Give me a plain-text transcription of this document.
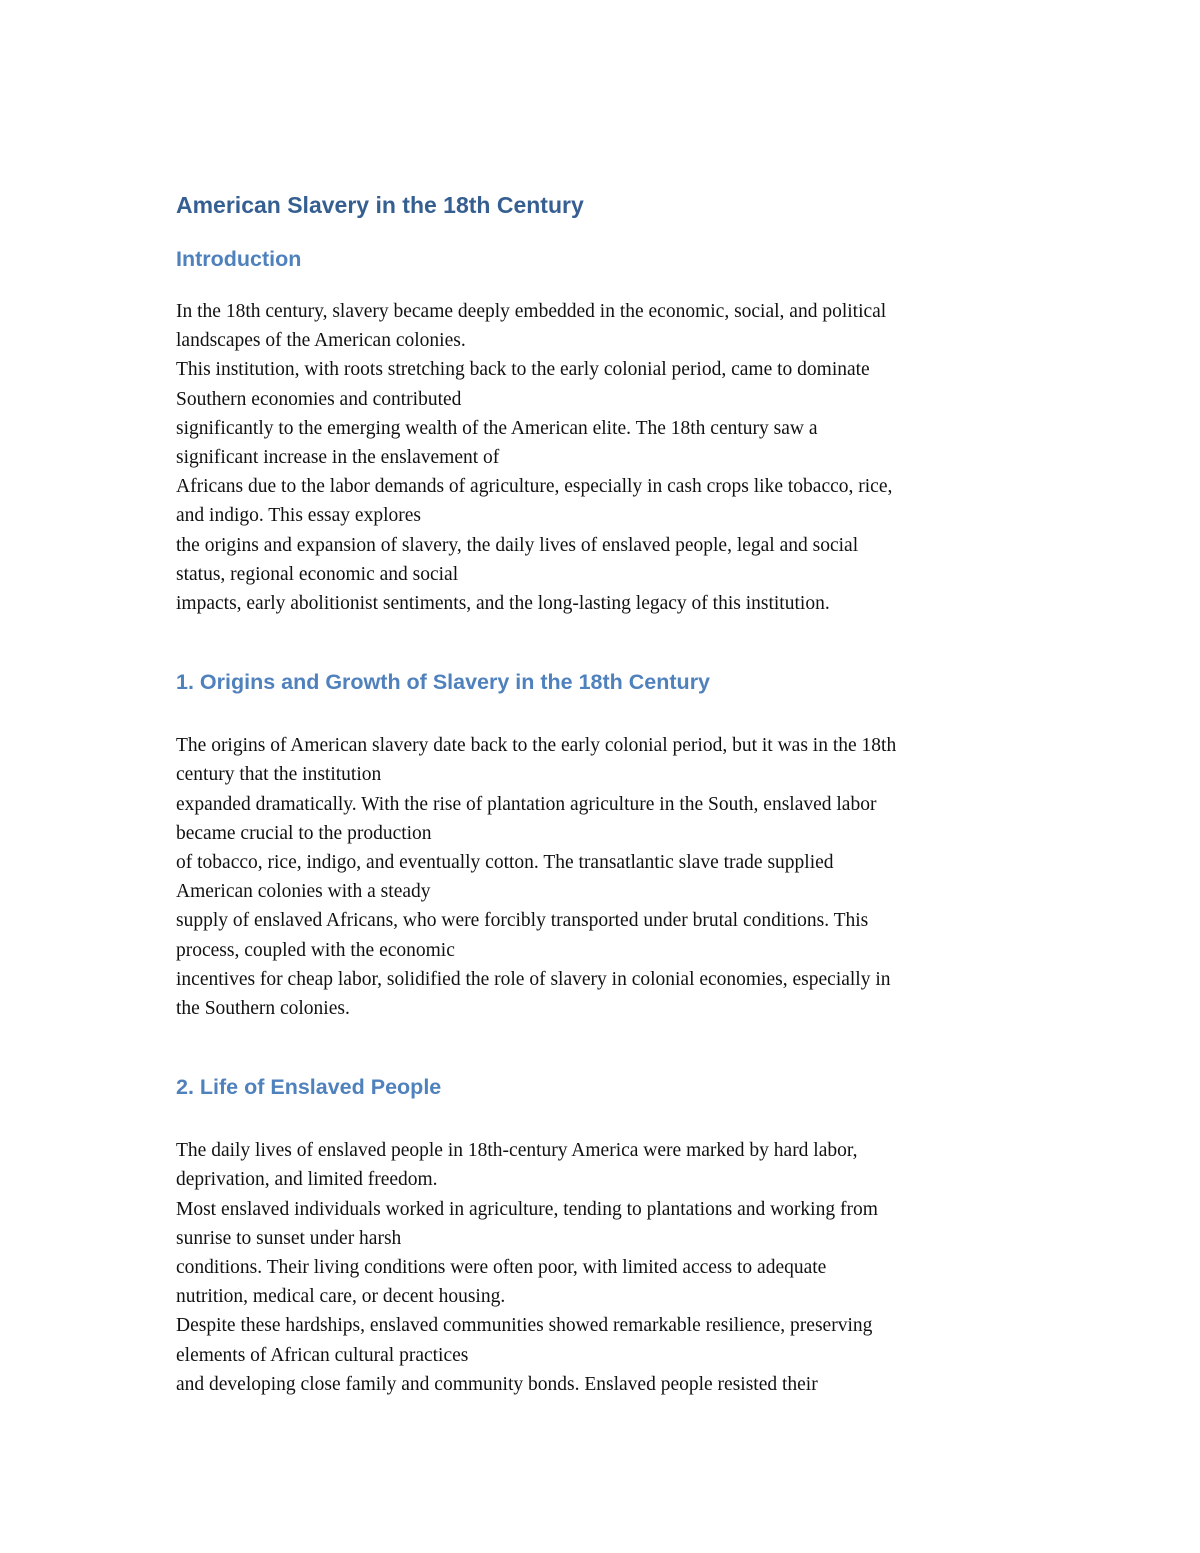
American Slavery in the 18th Century
Introduction

In the 18th century, slavery became deeply embedded in the economic, social, and political
landscapes of the American colonies.
This institution, with roots stretching back to the early colonial period, came to dominate
Southern economies and contributed
significantly to the emerging wealth of the American elite. The 18th century saw a
significant increase in the enslavement of
Africans due to the labor demands of agriculture, especially in cash crops like tobacco, rice,
and indigo. This essay explores
the origins and expansion of slavery, the daily lives of enslaved people, legal and social
status, regional economic and social
impacts, early abolitionist sentiments, and the long-lasting legacy of this institution.

1. Origins and Growth of Slavery in the 18th Century

The origins of American slavery date back to the early colonial period, but it was in the 18th
century that the institution
expanded dramatically. With the rise of plantation agriculture in the South, enslaved labor
became crucial to the production
of tobacco, rice, indigo, and eventually cotton. The transatlantic slave trade supplied
American colonies with a steady
supply of enslaved Africans, who were forcibly transported under brutal conditions. This
process, coupled with the economic
incentives for cheap labor, solidified the role of slavery in colonial economies, especially in
the Southern colonies.

2. Life of Enslaved People

The daily lives of enslaved people in 18th-century America were marked by hard labor,
deprivation, and limited freedom.
Most enslaved individuals worked in agriculture, tending to plantations and working from
sunrise to sunset under harsh
conditions. Their living conditions were often poor, with limited access to adequate
nutrition, medical care, or decent housing.
Despite these hardships, enslaved communities showed remarkable resilience, preserving
elements of African cultural practices
and developing close family and community bonds. Enslaved people resisted their
